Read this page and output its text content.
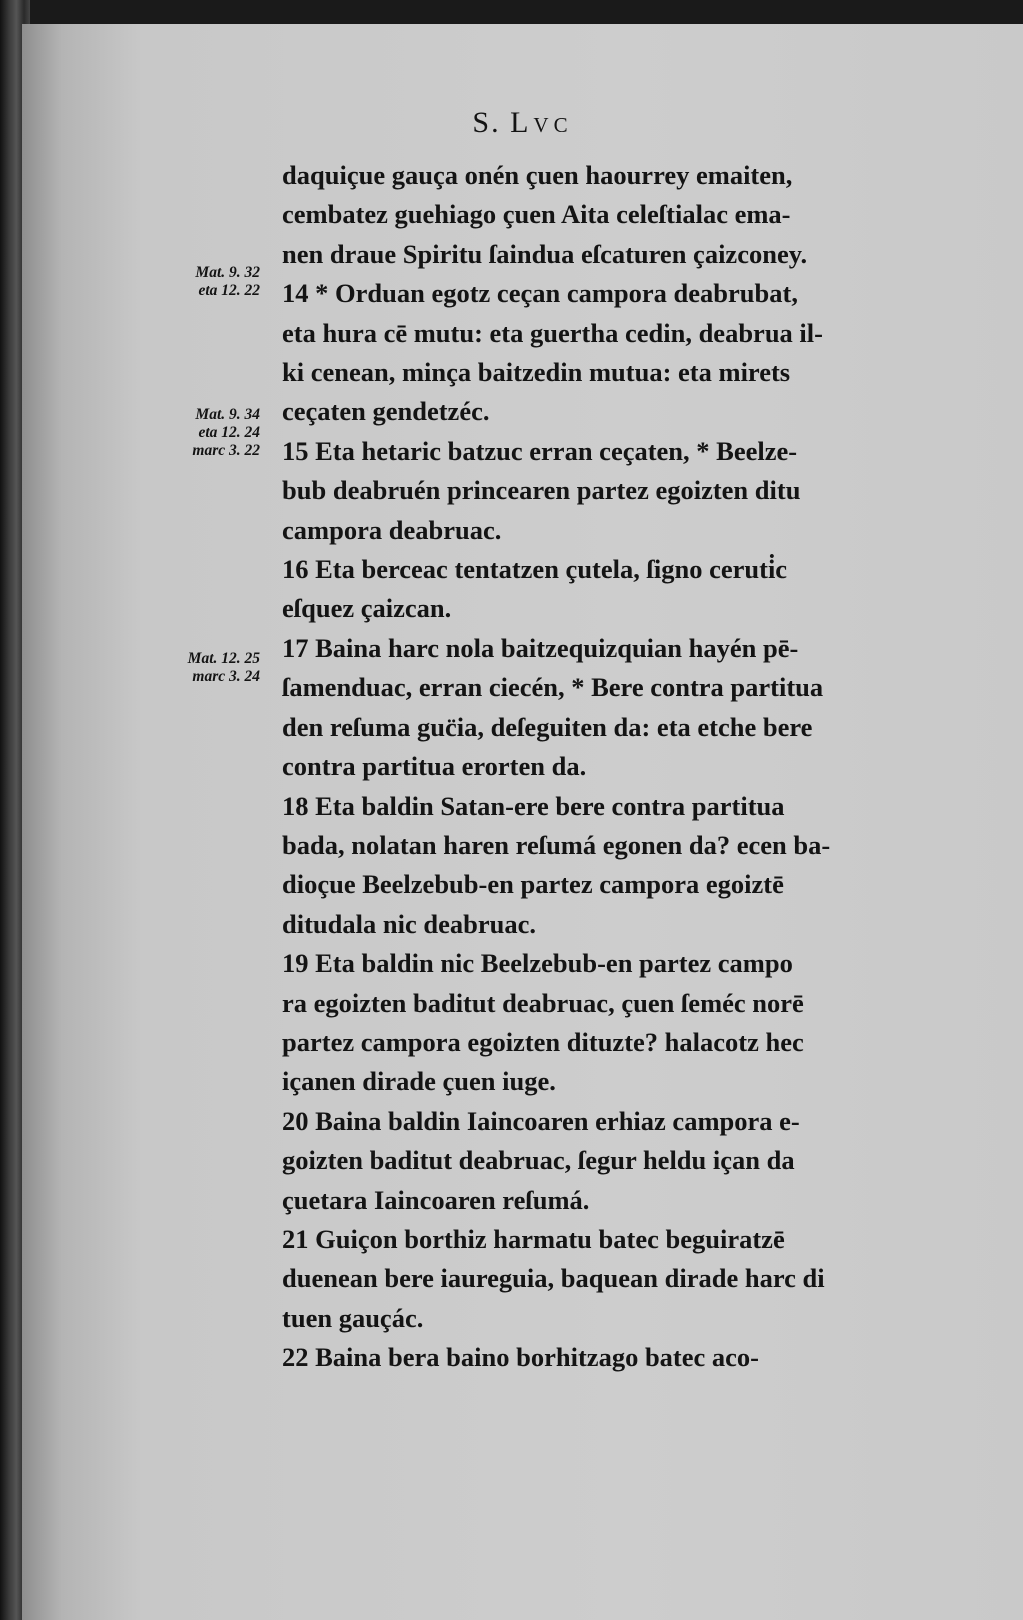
S. Lvc
Mat. 9. 32
eta 12. 22
Mat. 9. 34
eta 12. 24
marc 3. 22
Mat. 12. 25
marc 3. 24

daquiçue gauça onén çuen haourrey emaiten,

cembatez guehiago çuen Aita celeſtialac ema-

nen draue Spiritu ſaindua eſcaturen çaizconey.

14 * Orduan egotz ceçan campora deabrubat,

eta hura cē mutu: eta guertha cedin, deabrua il-

ki cenean, minça baitzedin mutua: eta mirets

ceçaten gendetzéc.

15 Eta hetaric batzuc erran ceçaten, * Beelze-

bub deabruén princearen partez egoizten ditu

campora deabruac.

16 Eta berceac tentatzen çutela, ſigno ceruti̇c

eſquez çaizcan.

17 Baina harc nola baitzequizquian hayén pē-

ſamenduac, erran ciecén, * Bere contra partitua

den reſuma guc̈ia, deſeguiten da: eta etche bere

contra partitua erorten da.

18 Eta baldin Satan-ere bere contra partitua

bada, nolatan haren reſumá egonen da? ecen ba-

dioçue Beelzebub-en partez campora egoiztē

ditudala nic deabruac.

19 Eta baldin nic Beelzebub-en partez campo

ra egoizten baditut deabruac, çuen ſeméc norē

partez campora egoizten dituzte? halacotz hec

içanen dirade çuen iuge.

20 Baina baldin Iaincoaren erhiaz campora e-

goizten baditut deabruac, ſegur heldu içan da

çuetara Iaincoaren reſumá.

21 Guiçon borthiz harmatu batec beguiratzē

duenean bere iaureguia, baquean dirade harc di

tuen gauçác.

22 Baina bera baino borhitzago batec aco-
